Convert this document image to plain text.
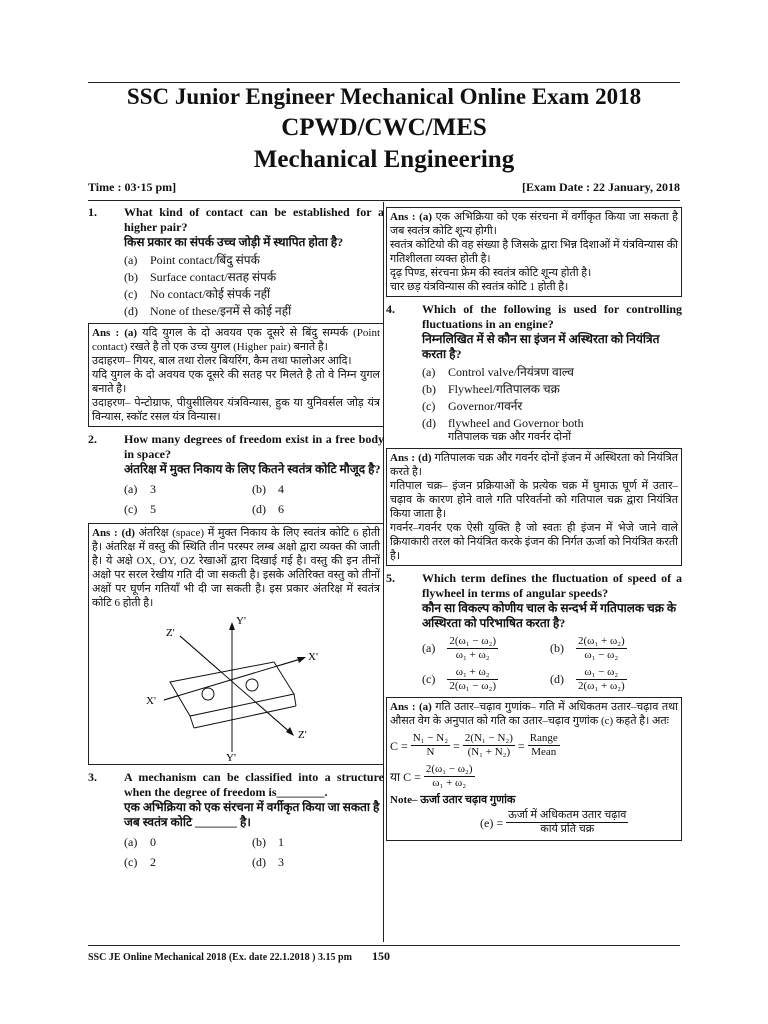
SSC Junior Engineer Mechanical Online Exam 2018
CPWD/CWC/MES
Mechanical Engineering
Time : 03·15 pm]	[Exam Date : 22 January, 2018
1.	What kind of contact can be established for a higher pair?
किस प्रकार का संपर्क उच्च जोड़ी में स्थापित होता है?
(a)	Point contact/बिंदु संपर्क
(b)	Surface contact/सतह संपर्क
(c)	No contact/कोई संपर्क नहीं
(d)	None of these/इनमें से कोई नहीं
Ans : (a) यदि युगल के दो अवयव एक दूसरे से बिंदु सम्पर्क (Point contact) रखते है तो एक उच्च युगल (Higher pair) बनाते है।
उदाहरण– गियर, बाल तथा रोलर बियरिंग, कैम तथा फालोअर आदि।
यदि युगल के दो अवयव एक दूसरे की सतह पर मिलते है तो वे निम्न युगल बनाते है।
उदाहरण– पेन्टोग्राफ, पीयुसीलियर यंत्रविन्यास, हुक या युनिवर्सल जोड़ यंत्र विन्यास, स्कॉट रसल यंत्र विन्यास।
2.	How many degrees of freedom exist in a free body in space?
अंतरिक्ष में मुक्त निकाय के लिए कितने स्वतंत्र कोटि मौजूद है?
(a)	3	(b)	4
(c)	5	(d)	6
Ans : (d) अंतरिक्ष (space) में मुक्त निकाय के लिए स्वतंत्र कोटि 6 होती है। अंतरिक्ष में वस्तु की स्थिति तीन परस्पर लम्ब अक्षो द्वारा व्यक्त की जाती है। ये अक्षे OX, OY, OZ रेखाओं द्वारा दिखाई गई है। वस्तु की इन तीनों अक्षो पर सरल रेखीय गति दी जा सकती है। इसके अतिरिक्त वस्तु को तीनों अक्षों पर घूर्णन गतियाँ भी दी जा सकती है। इस प्रकार अंतरिक्ष में स्वतंत्र कोटि 6 होती है।
Y'
Z'
X'
X'
Z'
Y'
3.	A mechanism can be classified into a structure when the degree of freedom is________.
एक अभिक्रिया को एक संरचना में वर्गीकृत किया जा सकता है जब स्वतंत्र कोटि _______ है।
(a)	0	(b)	1
(c)	2	(d)	3
Ans : (a) एक अभिक्रिया को एक संरचना में वर्गीकृत किया जा सकता है जब स्वतंत्र कोटि शून्य होगी।
स्वतंत्र कोटियो की वह संख्या है जिसके द्वारा भिन्न दिशाओं में यंत्रविन्यास की गतिशीलता व्यक्त होती है।
दृढ़ पिण्ड, संरचना फ्रेम की स्वतंत्र कोटि शून्य होती है।
चार छड़ यंत्रविन्यास की स्वतंत्र कोटि 1 होती है।
4.	Which of the following is used for controlling fluctuations in an engine?
निम्नलिखित में से कौन सा इंजन में अस्थिरता को नियंत्रित करता है?
(a)	Control valve/नियंत्रण वाल्व
(b)	Flywheel/गतिपालक चक्र
(c)	Governor/गवर्नर
(d)	flywheel and Governor both
गतिपालक चक्र और गवर्नर दोनों
Ans : (d) गतिपालक चक्र और गवर्नर दोनों इंजन में अस्थिरता को नियंत्रित करते है।
गतिपाल चक्र– इंजन प्रक्रियाओं के प्रत्येक चक्र में घुमाऊ घूर्ण में उतार–चढ़ाव के कारण होने वाले गति परिवर्तनो को गतिपाल चक्र द्वारा नियंत्रित किया जाता है।
गवर्नर–गवर्नर एक ऐसी युक्ति है जो स्वतः ही इंजन में भेजे जाने वाले क्रियाकारी तरल को नियंत्रित करके इंजन की निर्गत ऊर्जा को नियंत्रित करती है।
5.	Which term defines the fluctuation of speed of a flywheel in terms of angular speeds?
कौन सा विकल्प कोणीय चाल के सन्दर्भ में गतिपालक चक्र के अस्थिरता को परिभाषित करता है?
$(a) \frac{\text{2(ω₁ − ω₂)}}{\text{ω₁ + ω₂}}$	$(b) \frac{\text{2(ω₁ + ω₂)}}{\text{ω₁ − ω₂}}$
$(c) \frac{\text{ω₁ + ω₂}}{\text{2(ω₁ − ω₂)}}$	$(d) \frac{\text{ω₁ − ω₂}}{\text{2(ω₁ + ω₂)}}$
Ans : (a) गति उतार–चढ़ाव गुणांक– गति में अधिकतम उतार–चढ़ाव तथा औसत वेग के अनुपात को गति का उतार–चढ़ाव गुणांक (c) कहते है। अतः
$C = \frac{\text{N₁ − N₂}}{N} = \frac{\text{2(N₁ − N₂)}}{\text{(N₁ + N₂)}} = \frac{\text{Range}}{\text{Mean}}$
या $C = \frac{\text{2(ω₁ − ω₂)}}{\text{ω₁ + ω₂}}$
Note– ऊर्जा उतार चढ़ाव गुणांक
$(e) = \frac{\text{ऊर्जा में अधिकतम उतार चढ़ाव}}{\text{कार्य प्रति चक्र}}$
SSC JE Online Mechanical 2018 (Ex. date 22.1.2018 ) 3.15 pm 150
